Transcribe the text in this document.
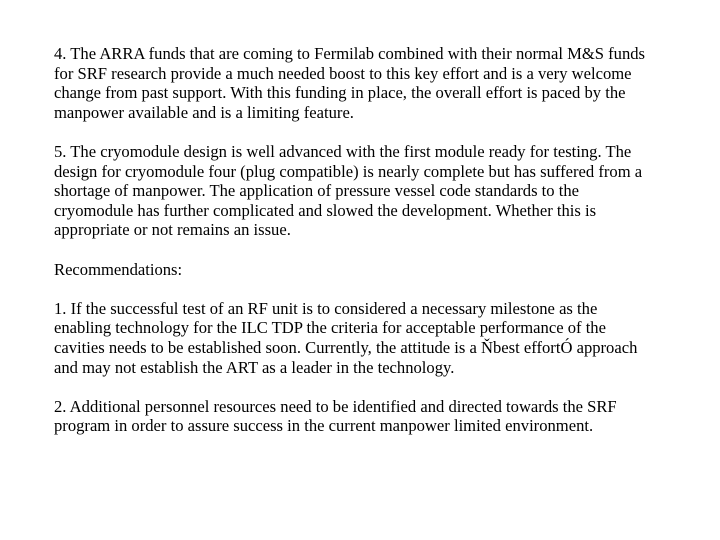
4. The ARRA funds that are coming to Fermilab combined with their normal M&S funds
for SRF research provide a much needed boost to this key effort and is a very welcome
change from past support. With this funding in place, the overall effort is paced by the
manpower available and is a limiting feature.
5. The cryomodule design is well advanced with the first module ready for testing. The
design for cryomodule four (plug compatible) is nearly complete but has suffered from a
shortage of manpower. The application of pressure vessel code standards to the
cryomodule has further complicated and slowed the development. Whether this is
appropriate or not remains an issue.
Recommendations:
1. If the successful test of an RF unit is to considered a necessary milestone as the
enabling technology for the ILC TDP the criteria for acceptable performance of the
cavities needs to be established soon. Currently, the attitude is a Ňbest effortÓ approach
and may not establish the ART as a leader in the technology.
2. Additional personnel resources need to be identified and directed towards the SRF
program in order to assure success in the current manpower limited environment.
